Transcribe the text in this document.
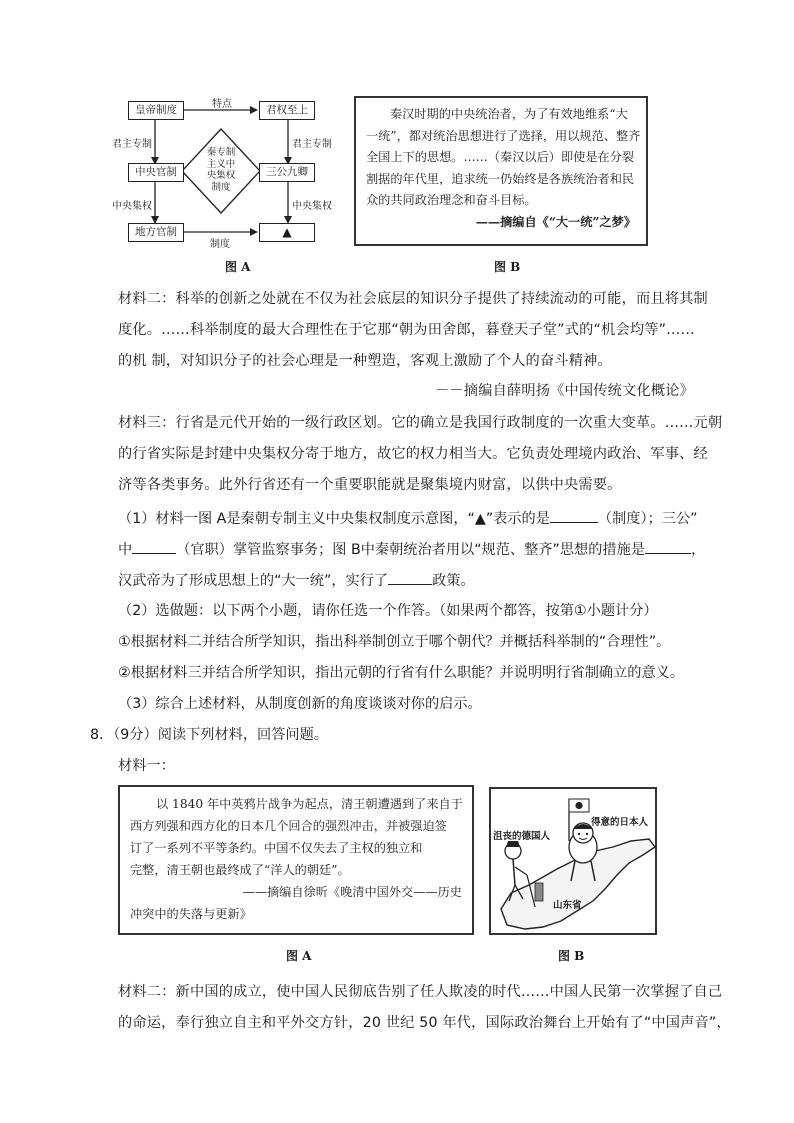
皇帝制度	君权至上
中央官制	三公九卿
地方官制	▲
秦专制
主义中
央集权
制度
特点
君主专制	君主专制
中央集权	中央集权
制度
图 A

秦汉时期的中央统治者，为了有效地维系“大

一统”，都对统治思想进行了选择，用以规范、整齐

全国上下的思想。……（秦汉以后）即使是在分裂

割据的年代里，追求统一仍始终是各族统治者和民

众的共同政治理念和奋斗目标。

——摘编自《“大一统”之梦》

图 B
材料二：科举的创新之处就在不仅为社会底层的知识分子提供了持续流动的可能，而且将其制
度化。……科举制度的最大合理性在于它那“朝为田舍郎，暮登天子堂”式的“机会均等”……
的机 制，对知识分子的社会心理是一种塑造，客观上激励了个人的奋斗精神。
－－摘编自薛明扬《中国传统文化概论》
材料三：行省是元代开始的一级行政区划。它的确立是我国行政制度的一次重大变革。……元朝
的行省实际是封建中央集权分寄于地方，故它的权力相当大。它负责处理境内政治、军事、经
济等各类事务。此外行省还有一个重要职能就是聚集境内财富，以供中央需要。
（1）材料一图 A是秦朝专制主义中央集权制度示意图，“▲”表示的是	（制度）；三公”
中	（官职）掌管监察事务；图 B中秦朝统治者用以“规范、整齐”思想的措施是	，
汉武帝为了形成思想上的“大一统”，实行了	政策。
（2）选做题：以下两个小题，请你任选一个作答。（如果两个都答，按第①小题计分）
①根据材料二并结合所学知识，指出科举制创立于哪个朝代？并概括科举制的“合理性”。
②根据材料三并结合所学知识，指出元朝的行省有什么职能？并说明明行省制确立的意义。
（3）综合上述材料，从制度创新的角度谈谈对你的启示。
8．（9分）阅读下列材料，回答问题。
材料一：

以 1840 年中英鸦片战争为起点，清王朝遭遇到了来自于

西方列强和西方化的日本几个回合的强烈冲击，并被强迫签

订了一系列不平等条约。中国不仅失去了主权的独立和

完整，清王朝也最终成了“洋人的朝廷”。

——摘编自徐昕《晚清中国外交——历史

冲突中的失落与更新》

图 A
沮丧的德国人
得意的日本人
山东省
图 B
材料二：新中国的成立，使中国人民彻底告别了任人欺凌的时代……中国人民第一次掌握了自己
的命运，奉行独立自主和平外交方针，20 世纪 50 年代，国际政治舞台上开始有了“中国声音”，
